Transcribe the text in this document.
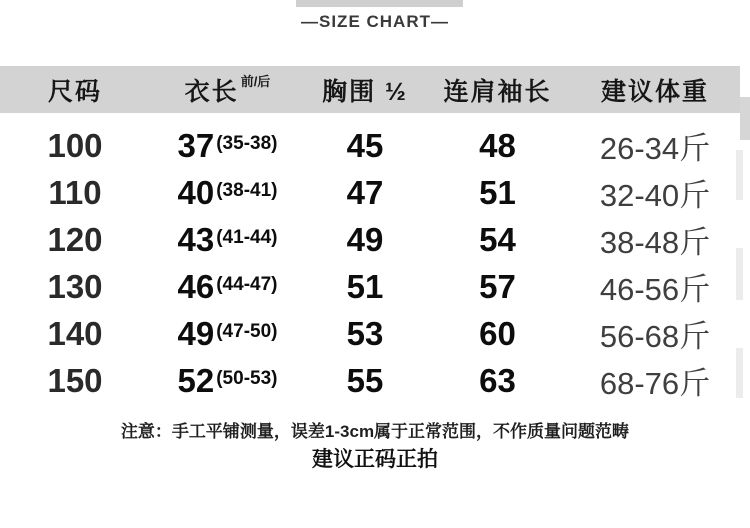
—SIZE CHART—
尺码	衣长 前/后	胸围 ½	连肩袖长	建议体重
100	37 (35-38)	45	48	26-34斤
110	40 (38-41)	47	51	32-40斤
120	43 (41-44)	49	54	38-48斤
130	46 (44-47)	51	57	46-56斤
140	49 (47-50)	53	60	56-68斤
150	52 (50-53)	55	63	68-76斤
注意：手工平铺测量，误差1-3cm属于正常范围，不作质量问题范畴
建议正码正拍
